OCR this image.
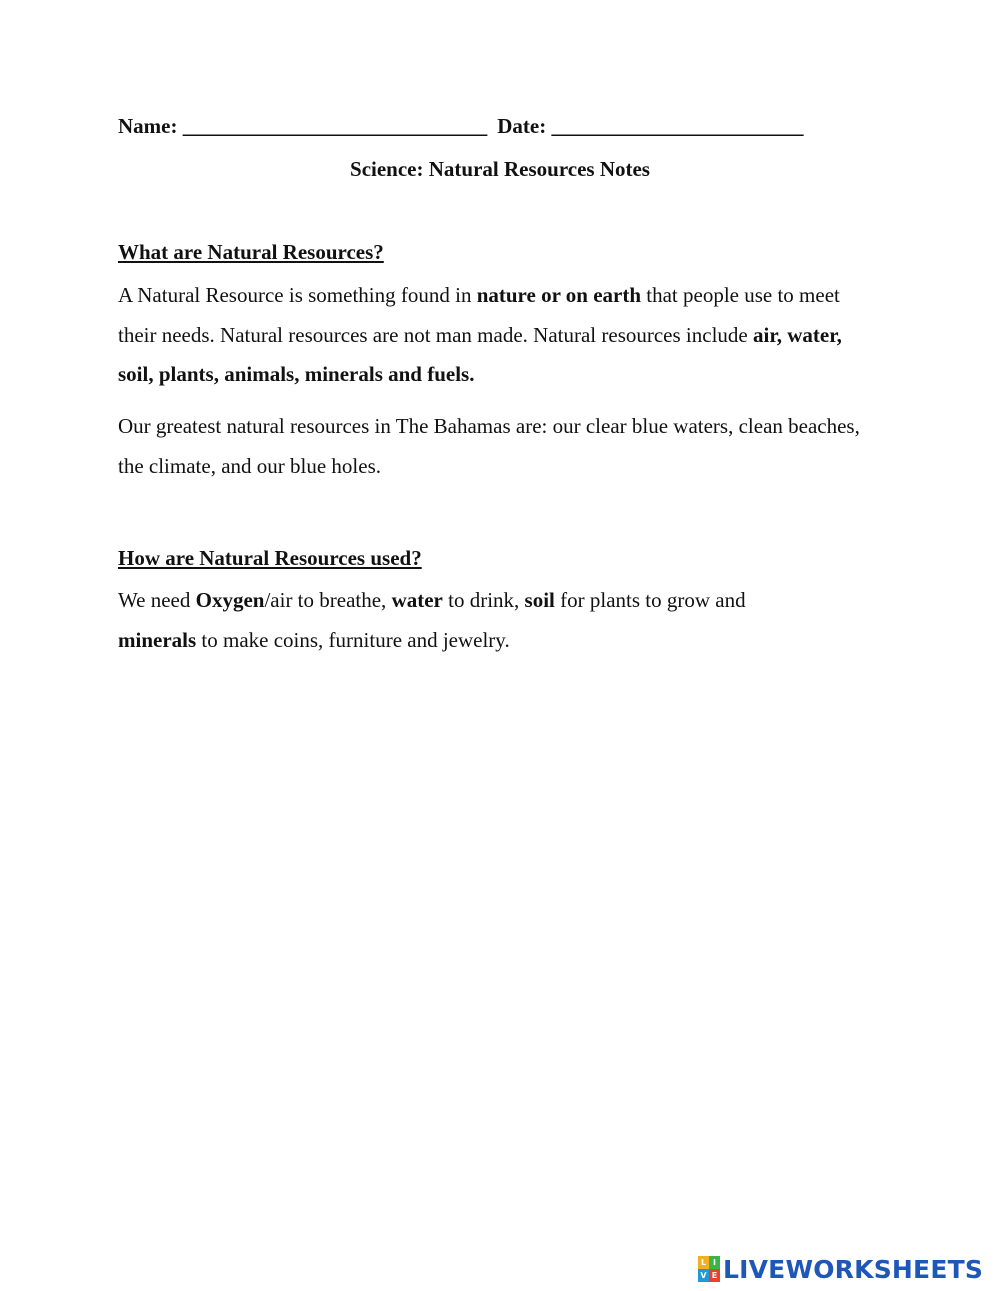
Name: _____________________________ Date: ________________________
Science: Natural Resources Notes
What are Natural Resources?
A Natural Resource is something found in nature or on earth that people use to meet their needs. Natural resources are not man made. Natural resources include air, water, soil, plants, animals, minerals and fuels.
Our greatest natural resources in The Bahamas are: our clear blue waters, clean beaches, the climate, and our blue holes.
How are Natural Resources used?
We need Oxygen/air to breathe, water to drink, soil for plants to grow and
minerals to make coins, furniture and jewelry.
L I
V E LIVEWORKSHEETS
